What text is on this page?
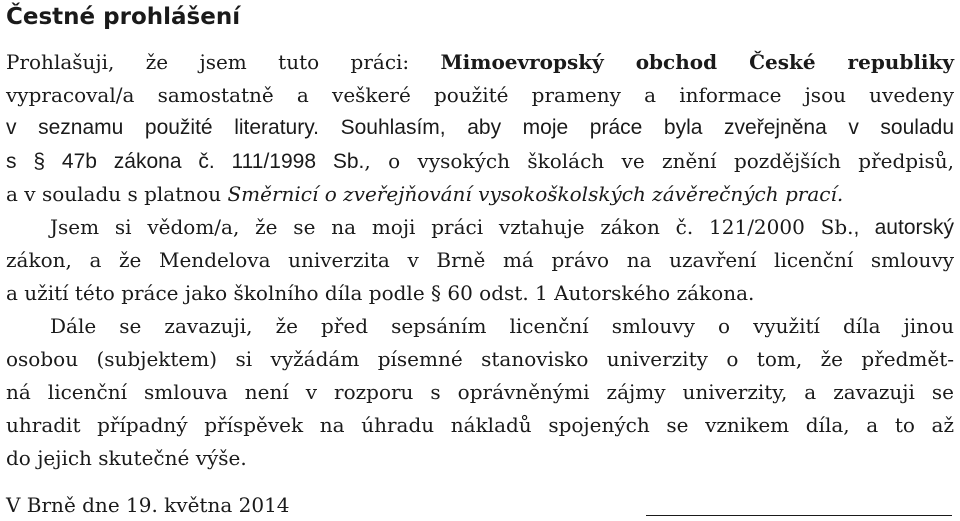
Čestné prohlášení
Prohlašuji, že jsem tuto práci: Mimoevropský obchod České republiky
vypracoval/a samostatně a veškeré použité prameny a informace jsou uvedeny
v seznamu použité literatury. Souhlasím, aby moje práce byla zveřejněna v souladu
s § 47b zákona č. 111/1998 Sb., o vysokých školách ve znění pozdějších předpisů,
a v souladu s platnou Směrnicí o zveřejňování vysokoškolských závěrečných prací.
Jsem si vědom/a, že se na moji práci vztahuje zákon č. 121/2000 Sb., autorský
zákon, a že Mendelova univerzita v Brně má právo na uzavření licenční smlouvy
a užití této práce jako školního díla podle § 60 odst. 1 Autorského zákona.
Dále se zavazuji, že před sepsáním licenční smlouvy o využití díla jinou
osobou (subjektem) si vyžádám písemné stanovisko univerzity o tom, že předmět-
ná licenční smlouva není v rozporu s oprávněnými zájmy univerzity, a zavazuji se
uhradit případný příspěvek na úhradu nákladů spojených se vznikem díla, a to až
do jejich skutečné výše.
V Brně dne 19. května 2014
